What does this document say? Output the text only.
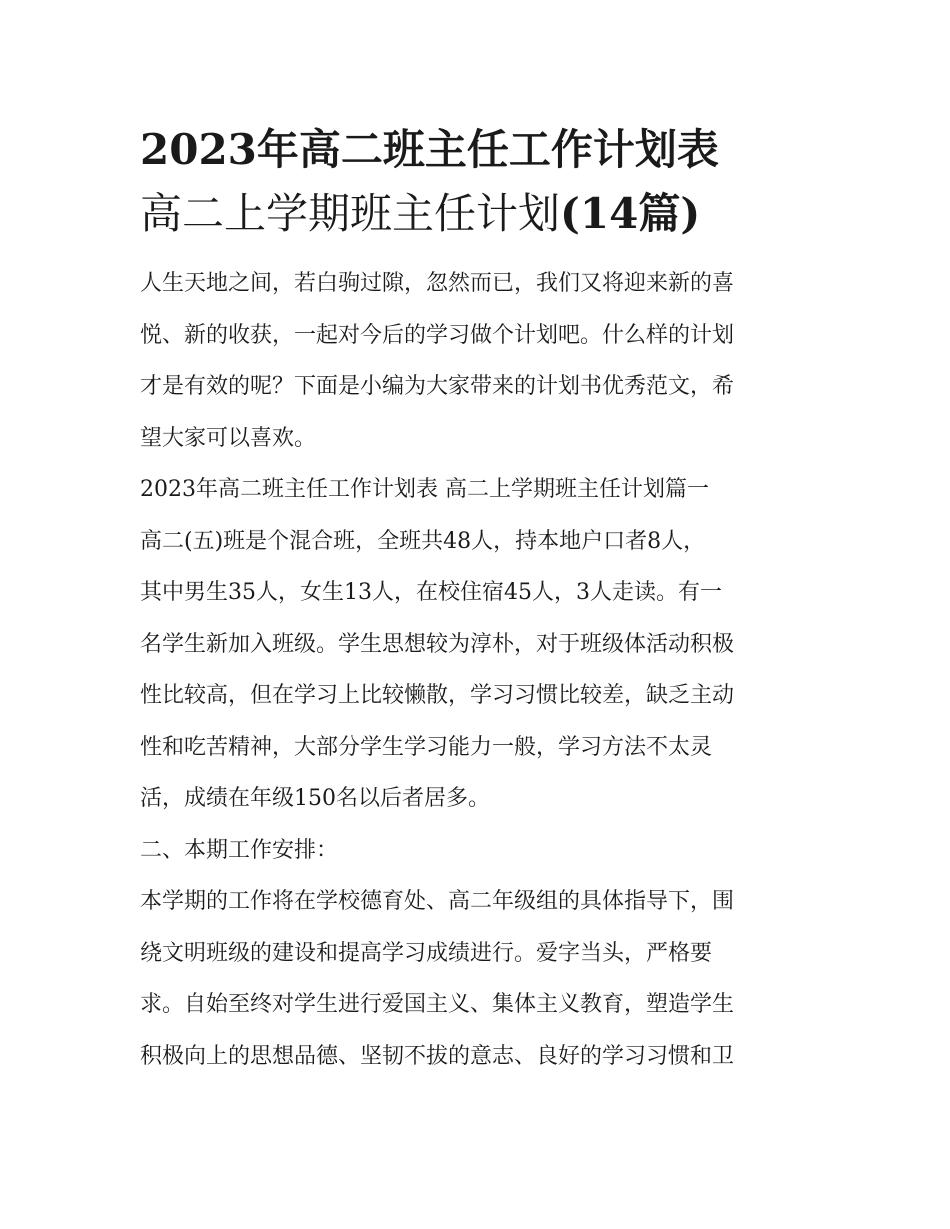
2023年高二班主任工作计划表
高二上学期班主任计划(14篇)
人生天地之间，若白驹过隙，忽然而已，我们又将迎来新的喜
悦、新的收获，一起对今后的学习做个计划吧。什么样的计划
才是有效的呢？下面是小编为大家带来的计划书优秀范文，希
望大家可以喜欢。
2023年高二班主任工作计划表 高二上学期班主任计划篇一
高二(五)班是个混合班，全班共48人，持本地户口者8人，
其中男生35人，女生13人，在校住宿45人，3人走读。有一
名学生新加入班级。学生思想较为淳朴，对于班级体活动积极
性比较高，但在学习上比较懒散，学习习惯比较差，缺乏主动
性和吃苦精神，大部分学生学习能力一般，学习方法不太灵
活，成绩在年级150名以后者居多。
二、本期工作安排：
本学期的工作将在学校德育处、高二年级组的具体指导下，围
绕文明班级的建设和提高学习成绩进行。爱字当头，严格要
求。自始至终对学生进行爱国主义、集体主义教育，塑造学生
积极向上的思想品德、坚韧不拔的意志、良好的学习习惯和卫
